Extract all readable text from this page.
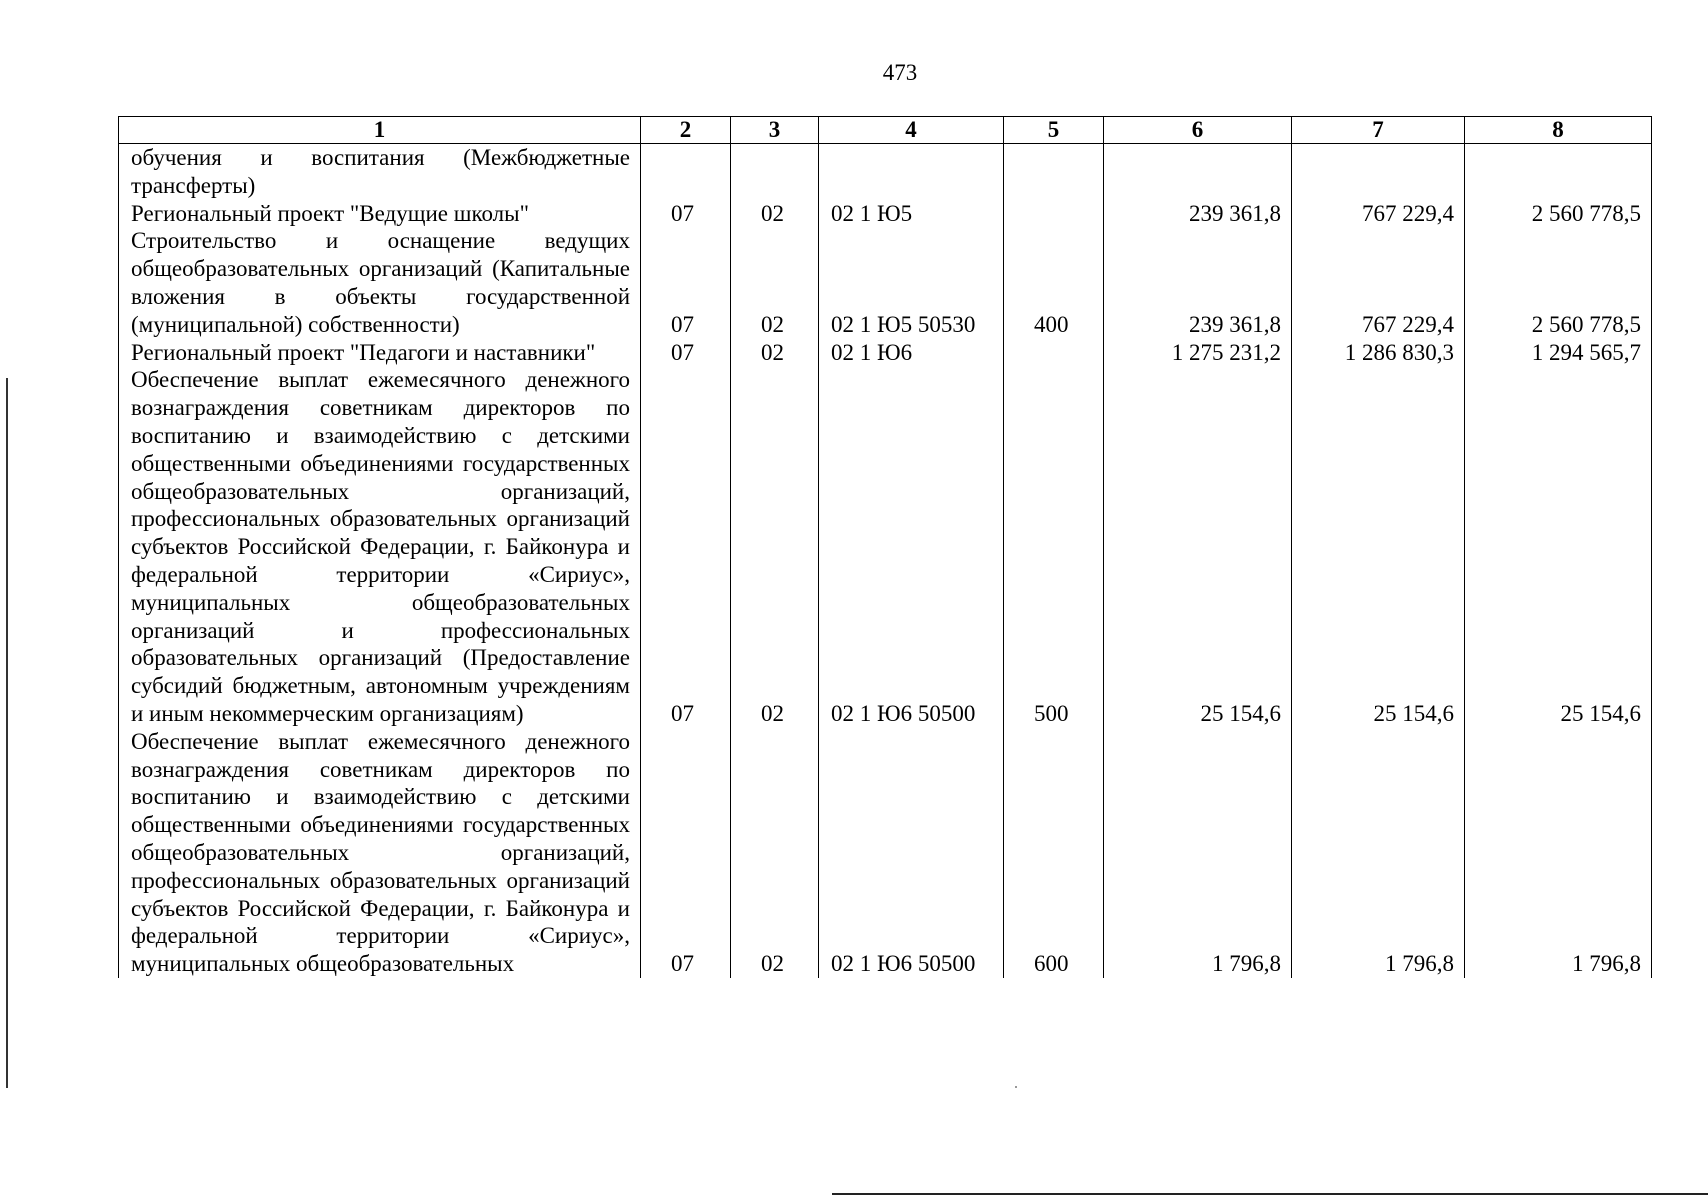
473
1	2	3	4	5	6	7	8
обучения и воспитания (Межбюджетные трансферты)							
Региональный проект "Ведущие школы"	07	02	02 1 Ю5		239 361,8	767 229,4	2 560 778,5
Строительство и оснащение ведущих общеобразовательных организаций (Капитальные вложения в объекты государственной (муниципальной) собственности)	07	02	02 1 Ю5 50530	400	239 361,8	767 229,4	2 560 778,5
Региональный проект "Педагоги и наставники"	07	02	02 1 Ю6		1 275 231,2	1 286 830,3	1 294 565,7
Обеспечение выплат ежемесячного денежного вознаграждения советникам директоров по воспитанию и взаимодействию с детскими общественными объединениями государственных общеобразовательных организаций, профессиональных образовательных организаций субъектов Российской Федерации, г. Байконура и федеральной территории «Сириус», муниципальных общеобразовательных организаций и профессиональных образовательных организаций (Предоставление субсидий бюджетным, автономным учреждениям и иным некоммерческим организациям)	07	02	02 1 Ю6 50500	500	25 154,6	25 154,6	25 154,6
Обеспечение выплат ежемесячного денежного вознаграждения советникам директоров по воспитанию и взаимодействию с детскими общественными объединениями государственных общеобразовательных организаций, профессиональных образовательных организаций субъектов Российской Федерации, г. Байконура и федеральной территории «Сириус», муниципальных общеобразовательных	07	02	02 1 Ю6 50500	600	1 796,8	1 796,8	1 796,8
